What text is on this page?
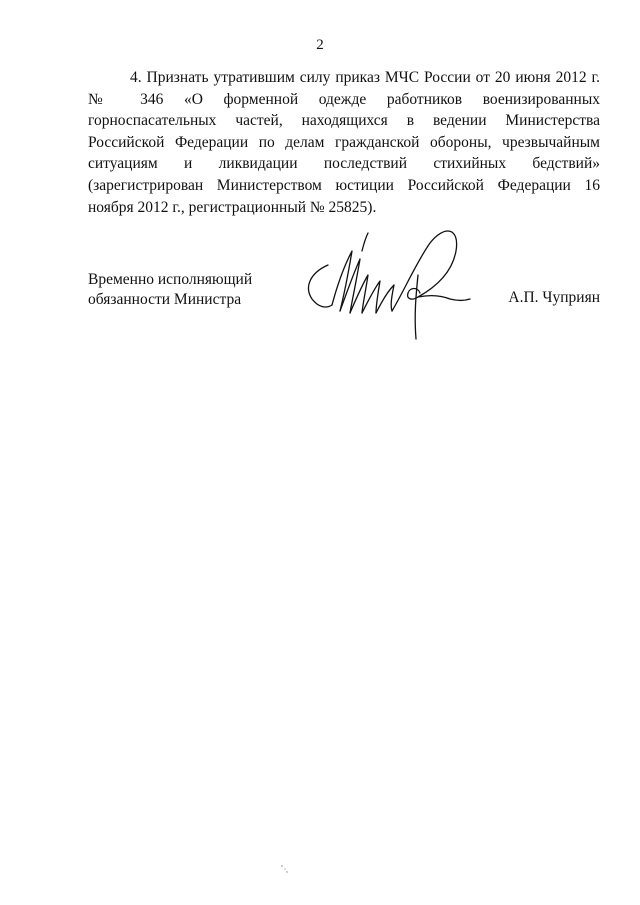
2

4. Признать утратившим силу приказ МЧС России от 20 июня 2012 г. № 346 «О форменной одежде работников военизированных горноспасательных частей, находящихся в ведении Министерства Российской Федерации по делам гражданской обороны, чрезвычайным ситуациям и ликвидации последствий стихийных бедствий» (зарегистрирован Министерством юстиции Российской Федерации 16 ноября 2012 г., регистрационный № 25825).

Временно исполняющий
обязанности Министра	А.П. Чуприян
